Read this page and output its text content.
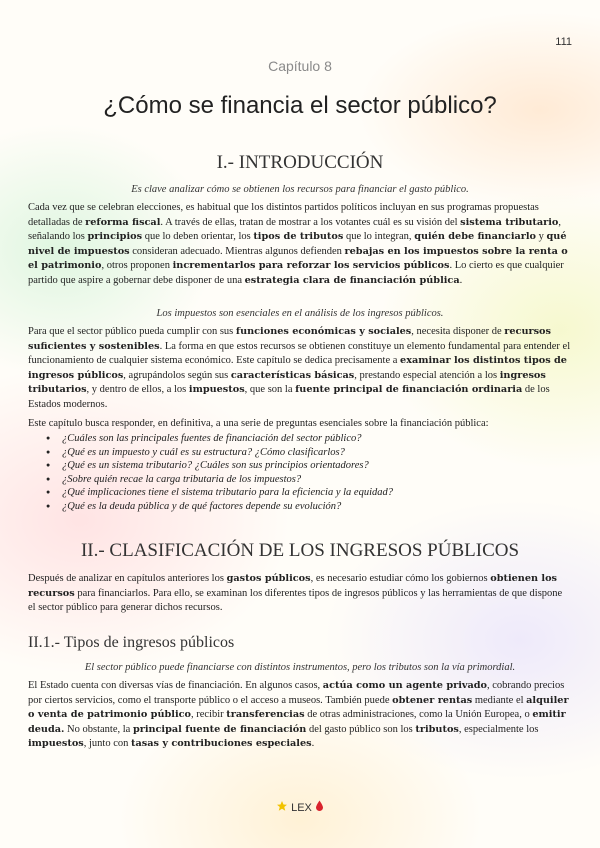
111
Capítulo 8
¿Cómo se financia el sector público?
I.- INTRODUCCIÓN
Es clave analizar cómo se obtienen los recursos para financiar el gasto público.
Cada vez que se celebran elecciones, es habitual que los distintos partidos políticos incluyan en sus programas propuestas detalladas de reforma fiscal. A través de ellas, tratan de mostrar a los votantes cuál es su visión del sistema tributario, señalando los principios que lo deben orientar, los tipos de tributos que lo integran, quién debe financiarlo y qué nivel de impuestos consideran adecuado. Mientras algunos defienden rebajas en los impuestos sobre la renta o el patrimonio, otros proponen incrementarlos para reforzar los servicios públicos. Lo cierto es que cualquier partido que aspire a gobernar debe disponer de una estrategia clara de financiación pública.
Los impuestos son esenciales en el análisis de los ingresos públicos.
Para que el sector público pueda cumplir con sus funciones económicas y sociales, necesita disponer de recursos suficientes y sostenibles. La forma en que estos recursos se obtienen constituye un elemento fundamental para entender el funcionamiento de cualquier sistema económico. Este capítulo se dedica precisamente a examinar los distintos tipos de ingresos públicos, agrupándolos según sus características básicas, prestando especial atención a los ingresos tributarios, y dentro de ellos, a los impuestos, que son la fuente principal de financiación ordinaria de los Estados modernos.
Este capítulo busca responder, en definitiva, a una serie de preguntas esenciales sobre la financiación pública:
● ¿Cuáles son las principales fuentes de financiación del sector público?
● ¿Qué es un impuesto y cuál es su estructura? ¿Cómo clasificarlos?
● ¿Qué es un sistema tributario? ¿Cuáles son sus principios orientadores?
● ¿Sobre quién recae la carga tributaria de los impuestos?
● ¿Qué implicaciones tiene el sistema tributario para la eficiencia y la equidad?
● ¿Qué es la deuda pública y de qué factores depende su evolución?
II.- CLASIFICACIÓN DE LOS INGRESOS PÚBLICOS
Después de analizar en capítulos anteriores los gastos públicos, es necesario estudiar cómo los gobiernos obtienen los recursos para financiarlos. Para ello, se examinan los diferentes tipos de ingresos públicos y las herramientas de que dispone el sector público para generar dichos recursos.
II.1.- Tipos de ingresos públicos
El sector público puede financiarse con distintos instrumentos, pero los tributos son la vía primordial.
El Estado cuenta con diversas vías de financiación. En algunos casos, actúa como un agente privado, cobrando precios por ciertos servicios, como el transporte público o el acceso a museos. También puede obtener rentas mediante el alquiler o venta de patrimonio público, recibir transferencias de otras administraciones, como la Unión Europea, o emitir deuda. No obstante, la principal fuente de financiación del gasto público son los tributos, especialmente los impuestos, junto con tasas y contribuciones especiales.
LEX
